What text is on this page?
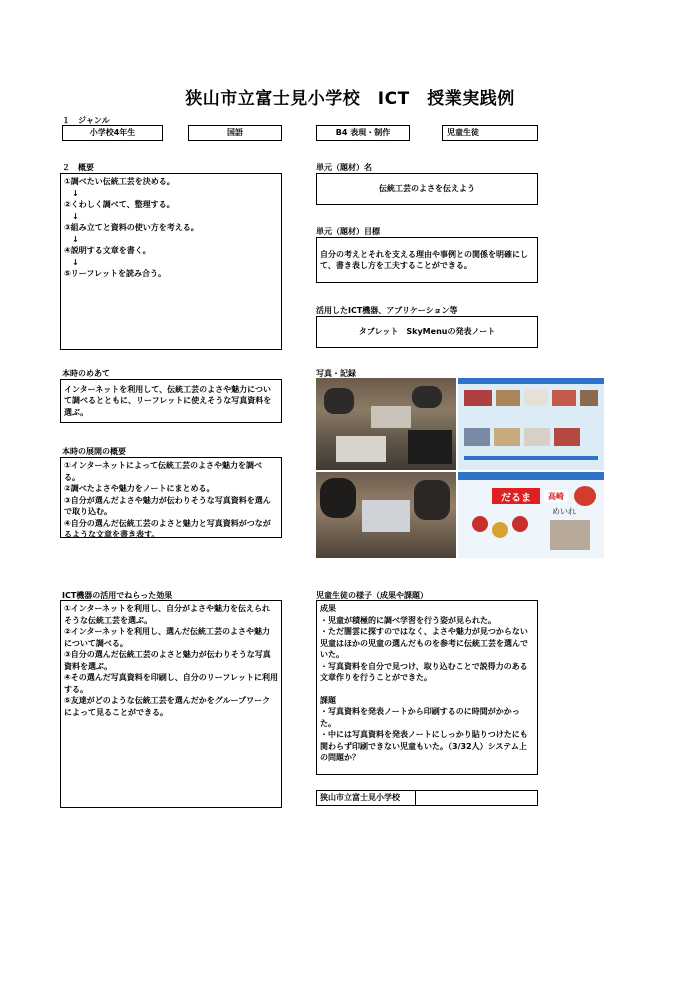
狭山市立富士見小学校　ICT　授業実践例
１　ジャンル
小学校4年生	国語	B4 表現・制作	児童生徒
２　概要
①調べたい伝統工芸を決める。
↓
②くわしく調べて、整理する。
↓
③組み立てと資料の使い方を考える。
↓
④説明する文章を書く。
↓
⑤リーフレットを読み合う。
単元（題材）名
伝統工芸のよさを伝えよう
単元（題材）目標
自分の考えとそれを支える理由や事例との関係を明確にして、書き表し方を工夫することができる。
活用したICT機器、アプリケーション等
タブレット　SkyMenuの発表ノート
本時のめあて
インターネットを利用して、伝統工芸のよさや魅力について調べるとともに、リーフレットに使えそうな写真資料を選ぶ。
本時の展開の概要
①インターネットによって伝統工芸のよさや魅力を調べる。
②調べたよさや魅力をノートにまとめる。
③自分が選んだよさや魅力が伝わりそうな写真資料を選んで取り込む。
④自分の選んだ伝統工芸のよさと魅力と写真資料がつながるような文章を書き表す。
写真・記録
だるま	高崎
めいれ
ICT機器の活用でねらった効果
①インターネットを利用し、自分がよさや魅力を伝えられそうな伝統工芸を選ぶ。
②インターネットを利用し、選んだ伝統工芸のよさや魅力について調べる。
③自分の選んだ伝統工芸のよさと魅力が伝わりそうな写真資料を選ぶ。
④その選んだ写真資料を印刷し、自分のリーフレットに利用する。
⑤友達がどのような伝統工芸を選んだかをグループワークによって見ることができる。
児童生徒の様子（成果や課題）
成果
・児童が積極的に調べ学習を行う姿が見られた。
・ただ闇雲に探すのではなく、よさや魅力が見つからない児童はほかの児童の選んだものを参考に伝統工芸を選んでいた。
・写真資料を自分で見つけ、取り込むことで説得力のある文章作りを行うことができた。
課題
・写真資料を発表ノートから印刷するのに時間がかかった。
・中には写真資料を発表ノートにしっかり貼りつけたにも関わらず印刷できない児童もいた。（3/32人）システム上の問題か？
狭山市立富士見小学校
